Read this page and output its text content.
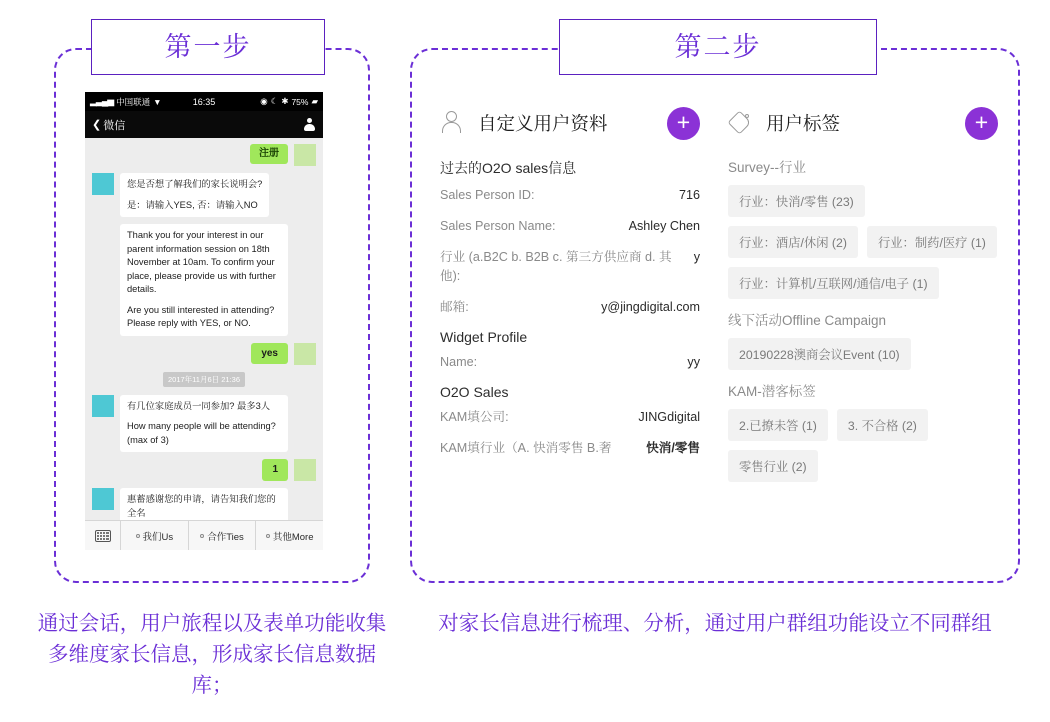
第一步
▂▃▄▅ 中国联通 ▼	16:35	◉ ☾ ✱ 75% ▰
❮ 微信
注册

您是否想了解我们的家长说明会?

是：请输入YES, 否：请输入NO

Thank you for your interest in our parent information session on 18th November at 10am. To confirm your place, please provide us with further details.

Are you still interested in attending? Please reply with YES, or NO.

yes
2017年11月6日 21:36

有几位家庭成员一同参加? 最多3人

How many people will be attending? (max of 3)

1

惠蓄感谢您的申请，请告知我们您的全名

我们Us	合作Ties	其他More
通过会话，用户旅程以及表单功能收集多维度家长信息，形成家长信息数据库；
第二步
自定义用户资料	+
过去的O2O sales信息
Sales Person ID:	716
Sales Person Name:	Ashley Chen
行业 (a.B2C b. B2B c. 第三方供应商 d. 其他):
y
邮箱:	y@jingdigital.com
Widget Profile
Name:	yy
O2O Sales
KAM填公司:	JINGdigital
KAM填行业（A. 快消零售 B.奢	快消/零售
用户标签	+
Survey--行业
行业：快消/零售 (23)
行业：酒店/休闲 (2)	行业：制药/医疗 (1)
行业：计算机/互联网/通信/电子 (1)
线下活动Offline Campaign
20190228澳商会议Event (10)
KAM-潜客标签
2.已撩未答 (1)	3. 不合格 (2)
零售行业 (2)
对家长信息进行梳理、分析，通过用户群组功能设立不同群组
